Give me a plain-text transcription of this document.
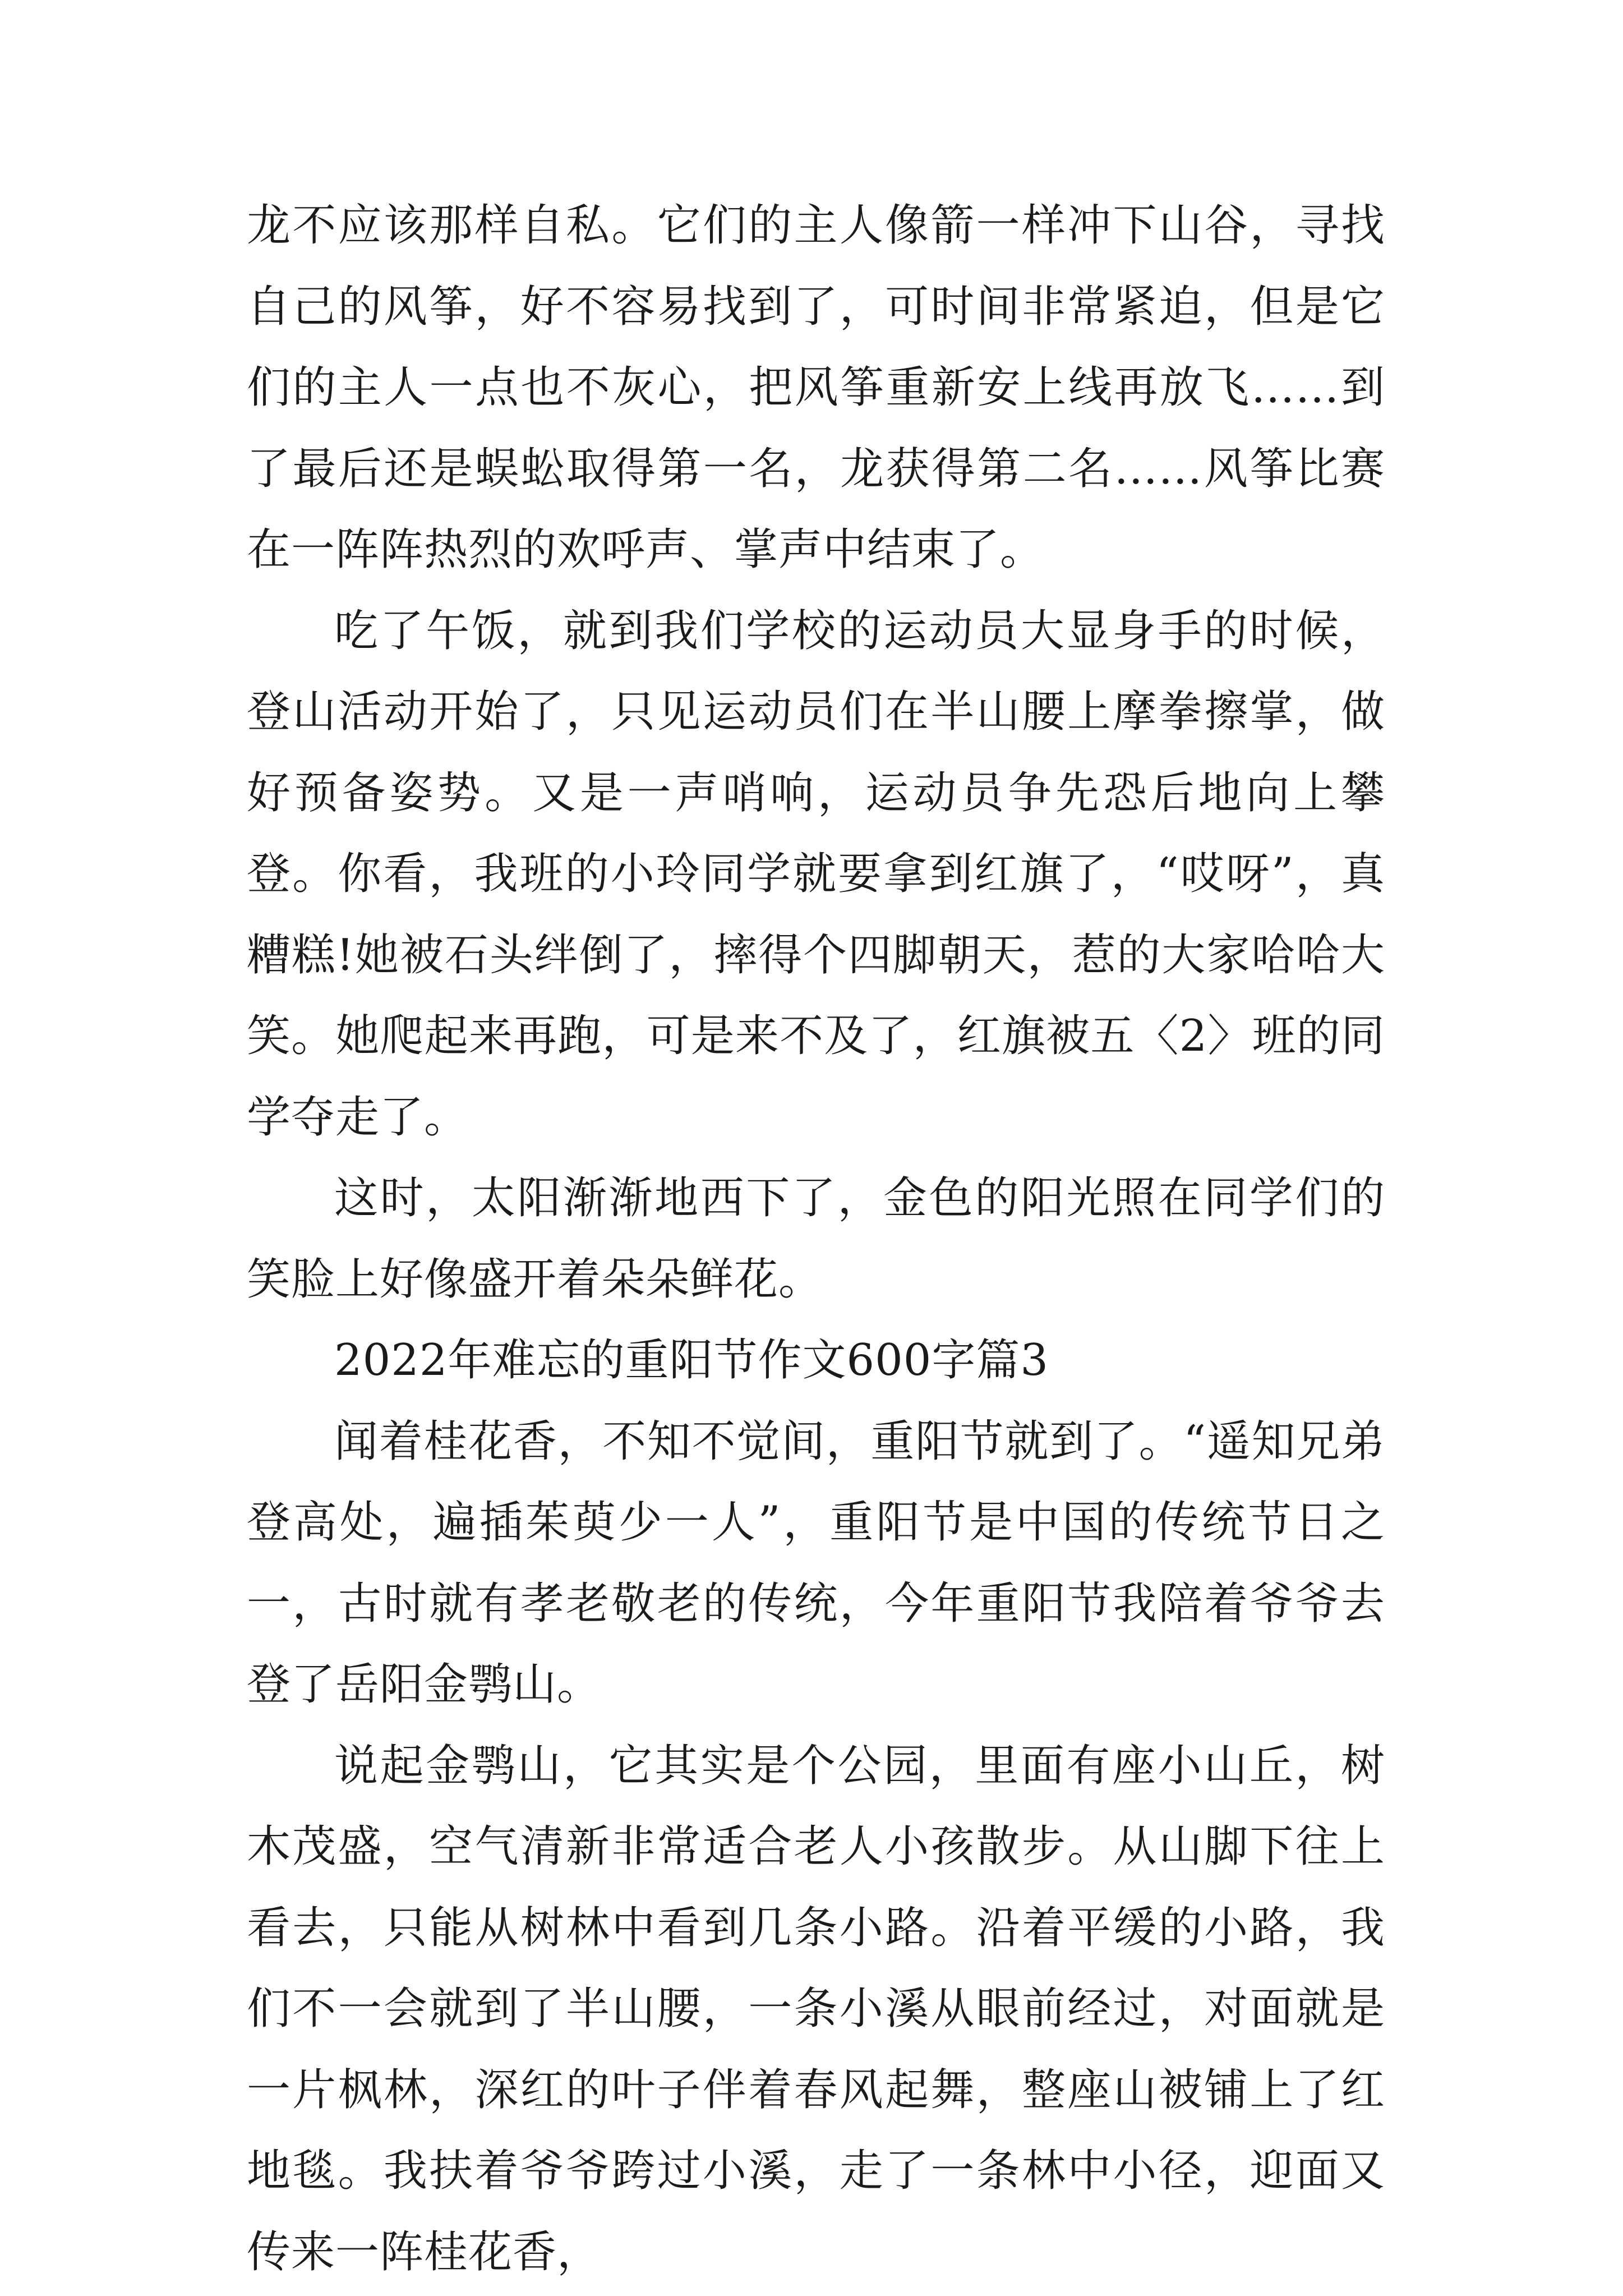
龙不应该那样自私。它们的主人像箭一样冲下山谷，寻找自己的风筝，好不容易找到了，可时间非常紧迫，但是它们的主人一点也不灰心，把风筝重新安上线再放飞……到了最后还是蜈蚣取得第一名，龙获得第二名……风筝比赛在一阵阵热烈的欢呼声、掌声中结束了。

吃了午饭，就到我们学校的运动员大显身手的时候，登山活动开始了，只见运动员们在半山腰上摩拳擦掌，做好预备姿势。又是一声哨响，运动员争先恐后地向上攀登。你看，我班的小玲同学就要拿到红旗了，“哎呀”，真糟糕!她被石头绊倒了，摔得个四脚朝天，惹的大家哈哈大笑。她爬起来再跑，可是来不及了，红旗被五〈2〉班的同学夺走了。

这时，太阳渐渐地西下了，金色的阳光照在同学们的笑脸上好像盛开着朵朵鲜花。

2022年难忘的重阳节作文600字篇3

闻着桂花香，不知不觉间，重阳节就到了。“遥知兄弟登高处，遍插茱萸少一人”，重阳节是中国的传统节日之一，古时就有孝老敬老的传统，今年重阳节我陪着爷爷去登了岳阳金鹗山。

说起金鹗山，它其实是个公园，里面有座小山丘，树木茂盛，空气清新非常适合老人小孩散步。从山脚下往上看去，只能从树林中看到几条小路。沿着平缓的小路，我们不一会就到了半山腰，一条小溪从眼前经过，对面就是一片枫林，深红的叶子伴着春风起舞，整座山被铺上了红地毯。我扶着爷爷跨过小溪，走了一条林中小径，迎面又传来一阵桂花香，
